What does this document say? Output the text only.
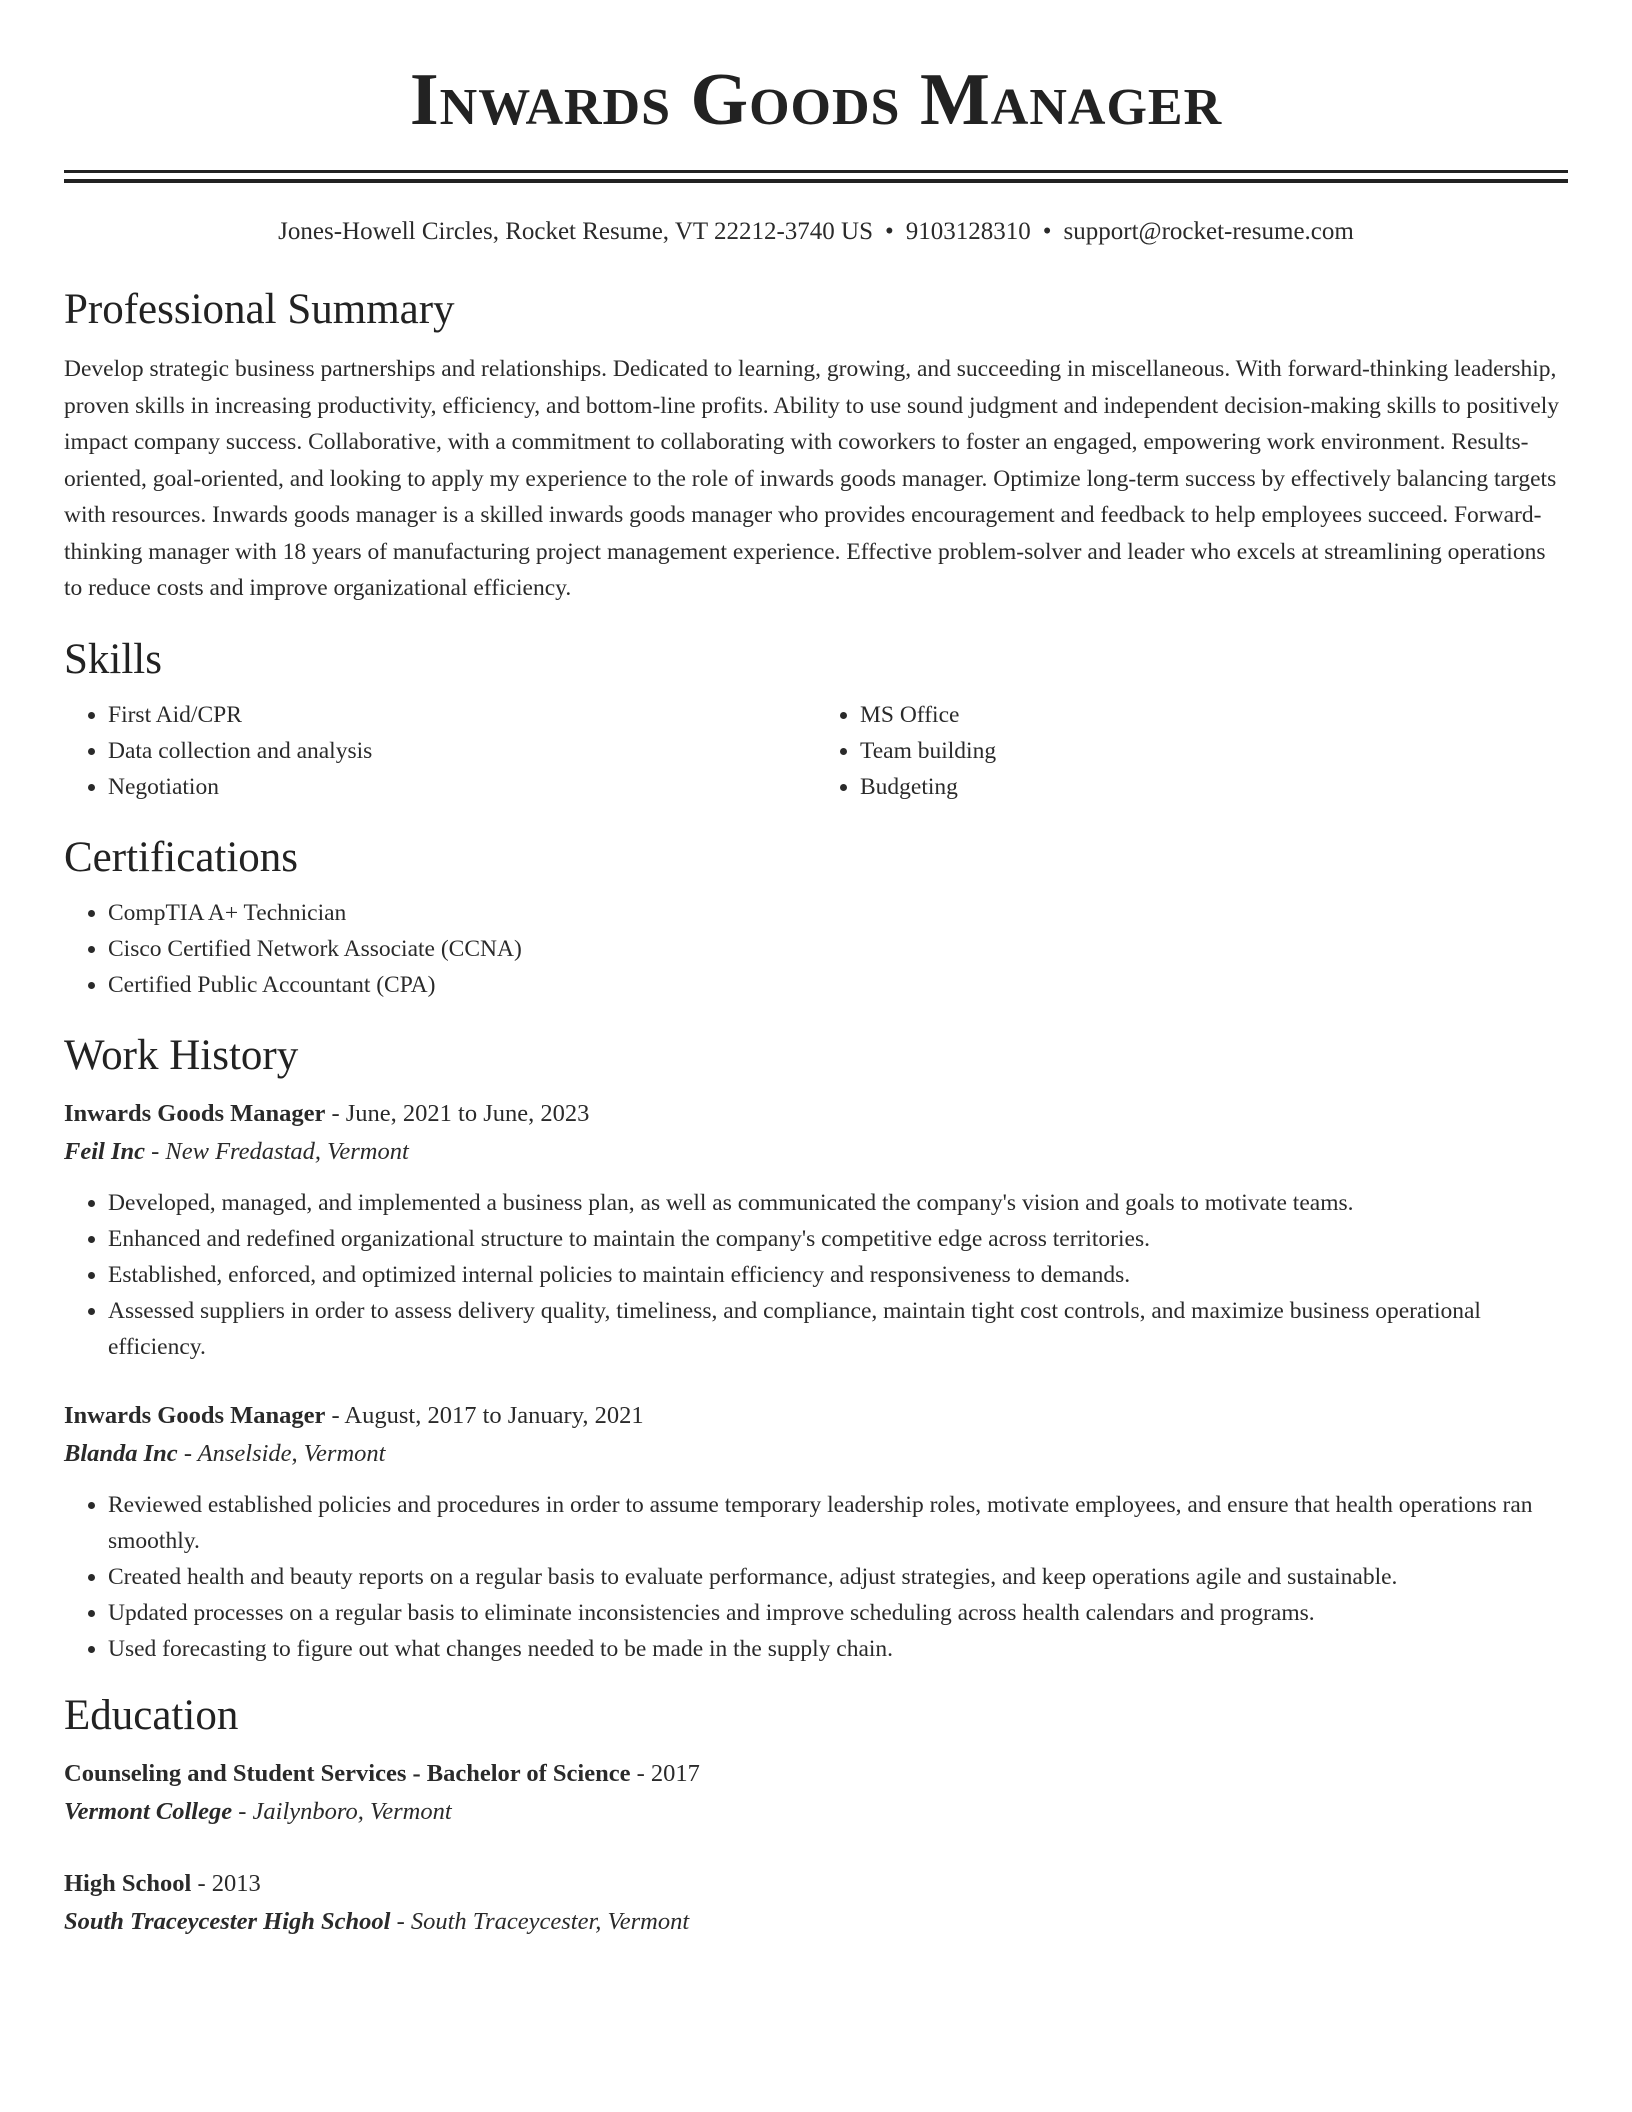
Inwards Goods Manager
Jones-Howell Circles, Rocket Resume, VT 22212-3740 US • 9103128310 • support@rocket-resume.com
Professional Summary

Develop strategic business partnerships and relationships. Dedicated to learning, growing, and succeeding in miscellaneous. With forward-thinking leadership, proven skills in increasing productivity, efficiency, and bottom-line profits. Ability to use sound judgment and independent decision-making skills to positively impact company success. Collaborative, with a commitment to collaborating with coworkers to foster an engaged, empowering work environment. Results-oriented, goal-oriented, and looking to apply my experience to the role of inwards goods manager. Optimize long-term success by effectively balancing targets with resources. Inwards goods manager is a skilled inwards goods manager who provides encouragement and feedback to help employees succeed. Forward-thinking manager with 18 years of manufacturing project management experience. Effective problem-solver and leader who excels at streamlining operations to reduce costs and improve organizational efficiency.

Skills
• First Aid/CPR
• Data collection and analysis
• Negotiation
• MS Office
• Team building
• Budgeting
Certifications
• CompTIA A+ Technician
• Cisco Certified Network Associate (CCNA)
• Certified Public Accountant (CPA)
Work History
Inwards Goods Manager - June, 2021 to June, 2023
Feil Inc - New Fredastad, Vermont
• Developed, managed, and implemented a business plan, as well as communicated the company's vision and goals to motivate teams.
• Enhanced and redefined organizational structure to maintain the company's competitive edge across territories.
• Established, enforced, and optimized internal policies to maintain efficiency and responsiveness to demands.
• Assessed suppliers in order to assess delivery quality, timeliness, and compliance, maintain tight cost controls, and maximize business operational efficiency.
Inwards Goods Manager - August, 2017 to January, 2021
Blanda Inc - Anselside, Vermont
• Reviewed established policies and procedures in order to assume temporary leadership roles, motivate employees, and ensure that health operations ran smoothly.
• Created health and beauty reports on a regular basis to evaluate performance, adjust strategies, and keep operations agile and sustainable.
• Updated processes on a regular basis to eliminate inconsistencies and improve scheduling across health calendars and programs.
• Used forecasting to figure out what changes needed to be made in the supply chain.
Education
Counseling and Student Services - Bachelor of Science - 2017
Vermont College - Jailynboro, Vermont
High School - 2013
South Traceycester High School - South Traceycester, Vermont
